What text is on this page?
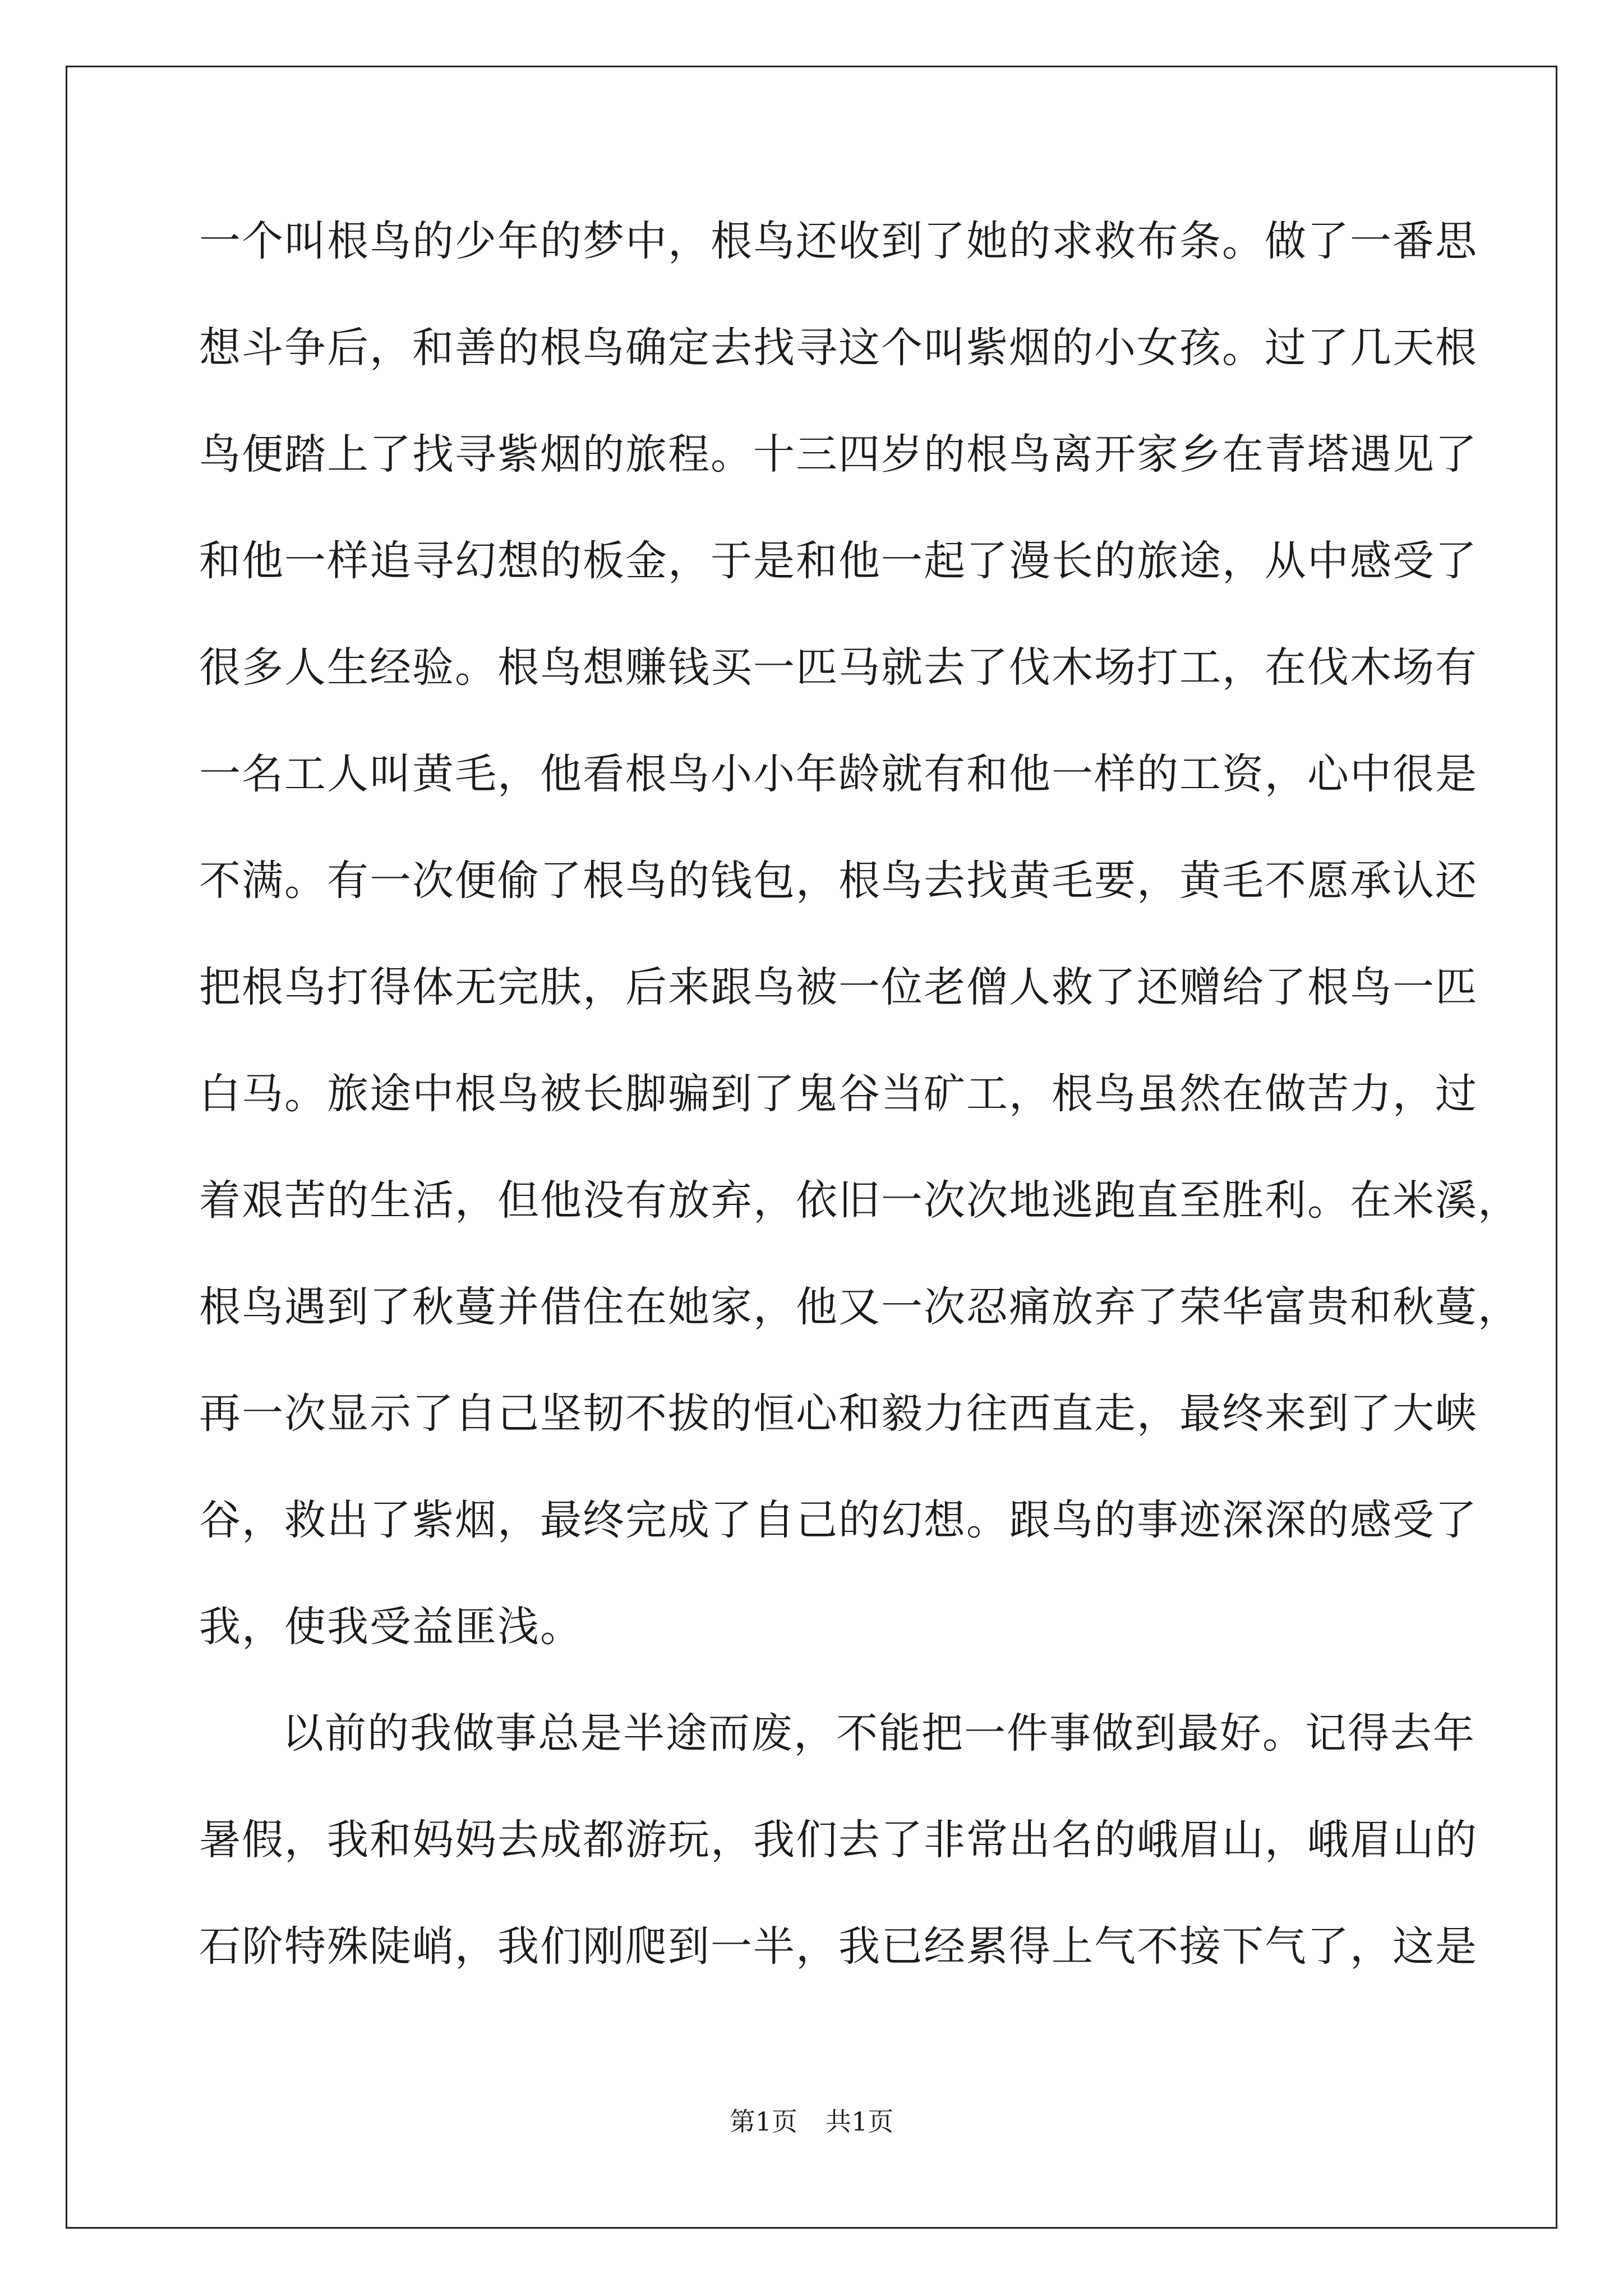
一个叫根鸟的少年的梦中，根鸟还收到了她的求救布条。做了一番思
想斗争后，和善的根鸟确定去找寻这个叫紫烟的小女孩。过了几天根
鸟便踏上了找寻紫烟的旅程。十三四岁的根鸟离开家乡在青塔遇见了
和他一样追寻幻想的板金，于是和他一起了漫长的旅途，从中感受了
很多人生经验。根鸟想赚钱买一匹马就去了伐木场打工，在伐木场有
一名工人叫黄毛，他看根鸟小小年龄就有和他一样的工资，心中很是
不满。有一次便偷了根鸟的钱包，根鸟去找黄毛要，黄毛不愿承认还
把根鸟打得体无完肤，后来跟鸟被一位老僧人救了还赠给了根鸟一匹
白马。旅途中根鸟被长脚骗到了鬼谷当矿工，根鸟虽然在做苦力，过
着艰苦的生活，但他没有放弃，依旧一次次地逃跑直至胜利。在米溪，
根鸟遇到了秋蔓并借住在她家，他又一次忍痛放弃了荣华富贵和秋蔓，
再一次显示了自己坚韧不拔的恒心和毅力往西直走，最终来到了大峡
谷，救出了紫烟，最终完成了自己的幻想。跟鸟的事迹深深的感受了
我，使我受益匪浅。
以前的我做事总是半途而废，不能把一件事做到最好。记得去年
暑假，我和妈妈去成都游玩，我们去了非常出名的峨眉山，峨眉山的
石阶特殊陡峭，我们刚爬到一半，我已经累得上气不接下气了，这是
第1页 共1页
